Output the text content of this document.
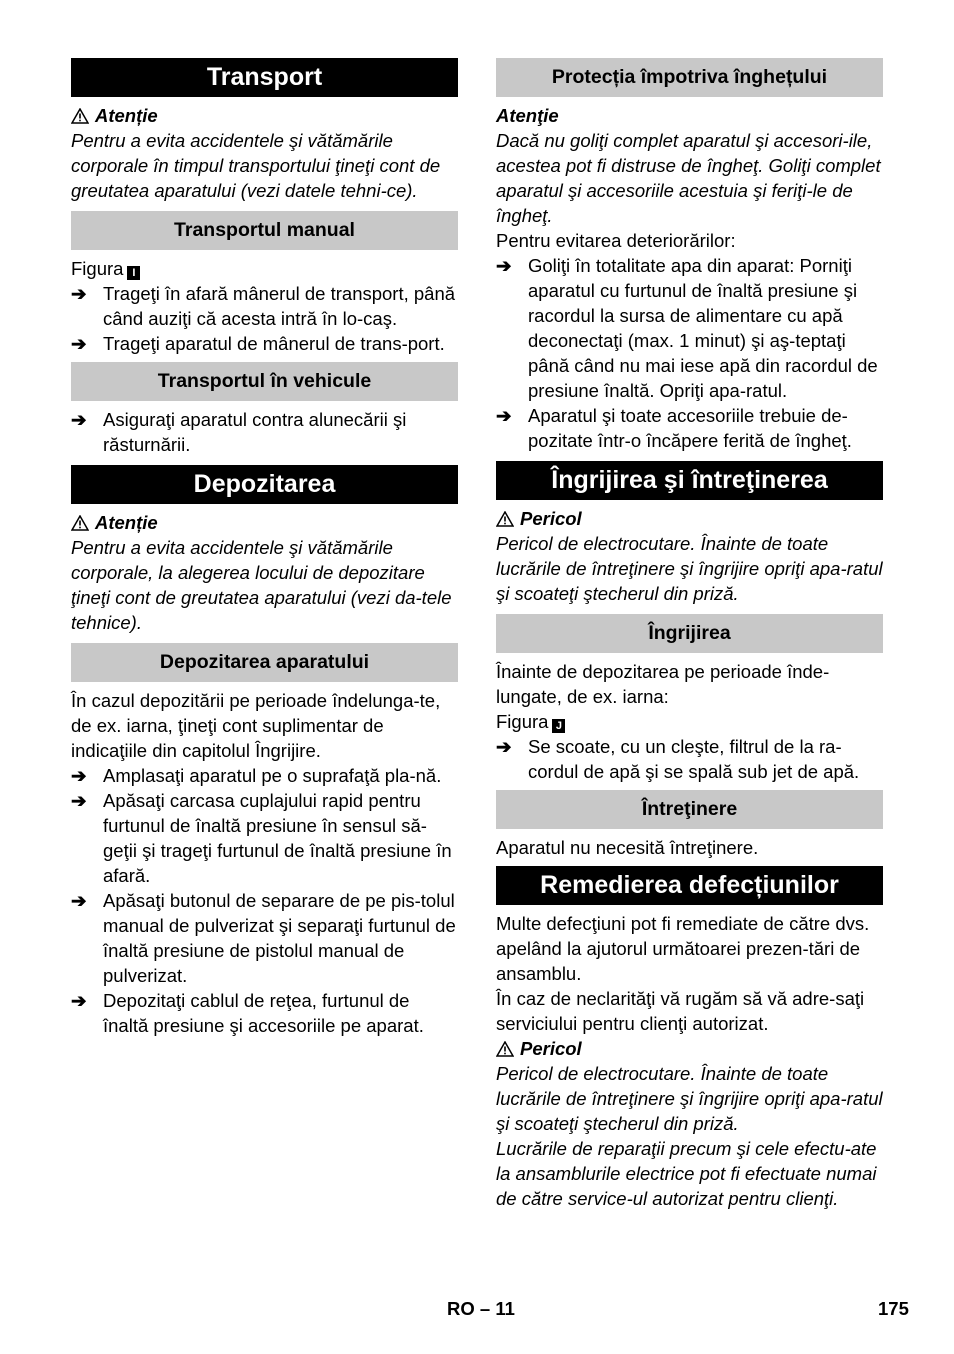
Transport
Atenție
Pentru a evita accidentele şi vătămările corporale în timpul transportului ţineţi cont de greutatea aparatului (vezi datele tehni-ce).
Transportul manual
Figura I
➔ Trageţi în afară mânerul de transport, până când auziţi că acesta intră în lo-caş.
➔ Trageţi aparatul de mânerul de trans-port.
Transportul în vehicule
➔ Asiguraţi aparatul contra alunecării şi răsturnării.
Depozitarea
Atenție
Pentru a evita accidentele şi vătămările corporale, la alegerea locului de depozitare ţineţi cont de greutatea aparatului (vezi da-tele tehnice).
Depozitarea aparatului
În cazul depozitării pe perioade îndelunga-te, de ex. iarna, ţineţi cont suplimentar de indicaţiile din capitolul Îngrijire.
➔ Amplasaţi aparatul pe o suprafaţă pla-nă.
➔ Apăsaţi carcasa cuplajului rapid pentru furtunul de înaltă presiune în sensul să-geţii şi trageţi furtunul de înaltă presiune în afară.
➔ Apăsaţi butonul de separare de pe pis-tolul manual de pulverizat şi separaţi furtunul de înaltă presiune de pistolul manual de pulverizat.
➔ Depozitaţi cablul de reţea, furtunul de înaltă presiune şi accesoriile pe aparat.
Protecția împotriva înghețului
Atenţie
Dacă nu goliţi complet aparatul şi accesori-ile, acestea pot fi distruse de îngheţ. Goliţi complet aparatul şi accesoriile acestuia şi feriţi-le de îngheţ.
Pentru evitarea deteriorărilor:
➔ Goliţi în totalitate apa din aparat: Porniţi aparatul cu furtunul de înaltă presiune şi racordul la sursa de alimentare cu apă deconectaţi (max. 1 minut) şi aş-teptaţi până când nu mai iese apă din racordul de presiune înaltă. Opriţi apa-ratul.
➔ Aparatul şi toate accesoriile trebuie de-pozitate într-o încăpere ferită de îngheţ.
Îngrijirea şi întreţinerea
Pericol
Pericol de electrocutare. Înainte de toate lucrările de întreţinere şi îngrijire opriţi apa-ratul şi scoateţi ştecherul din priză.
Îngrijirea
Înainte de depozitarea pe perioade înde-lungate, de ex. iarna:
Figura J
➔ Se scoate, cu un cleşte, filtrul de la ra-cordul de apă şi se spală sub jet de apă.
Întreţinere
Aparatul nu necesită întreţinere.
Remedierea defecțiunilor
Multe defecţiuni pot fi remediate de către dvs. apelând la ajutorul următoarei prezen-tări de ansamblu.
În caz de neclarităţi vă rugăm să vă adre-saţi serviciului pentru clienţi autorizat.
Pericol
Pericol de electrocutare. Înainte de toate lucrările de întreţinere şi îngrijire opriţi apa-ratul şi scoateţi ştecherul din priză.
Lucrările de reparaţii precum şi cele efectu-ate la ansamblurile electrice pot fi efectuate numai de către service-ul autorizat pentru clienţi.
RO – 11	175
